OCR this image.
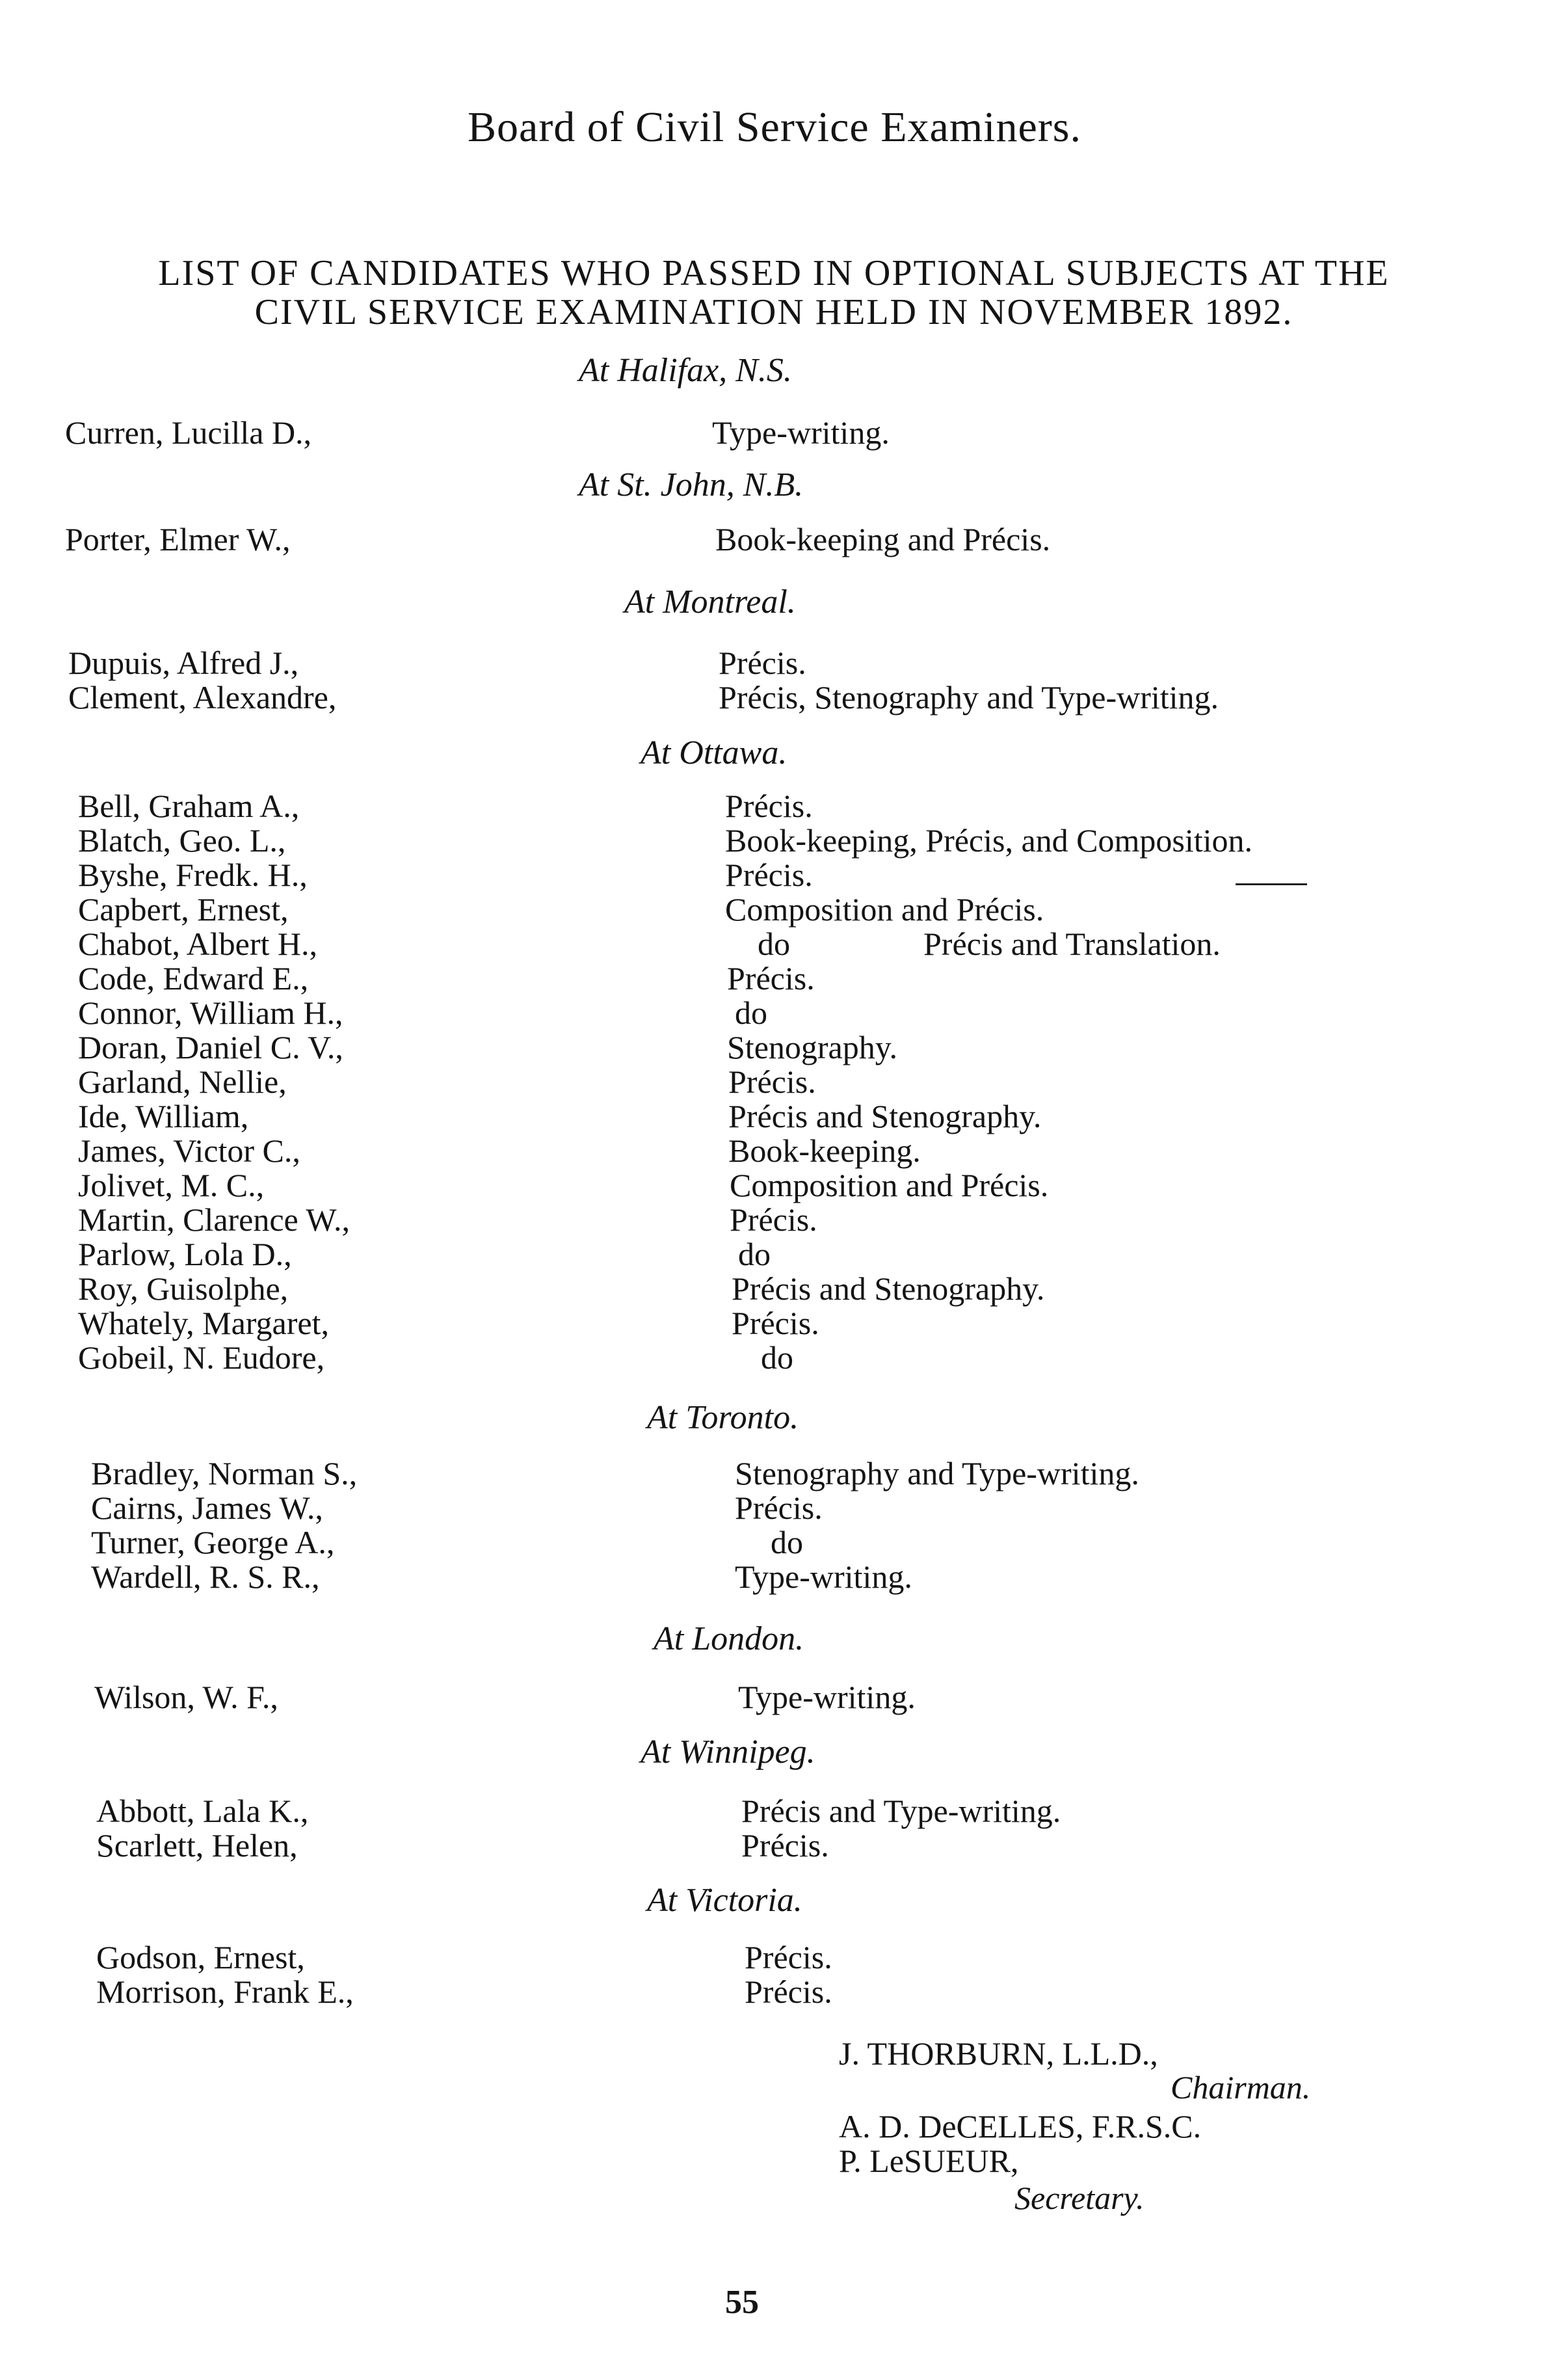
Board of Civil Service Examiners.
LIST OF CANDIDATES WHO PASSED IN OPTIONAL SUBJECTS AT THE
CIVIL SERVICE EXAMINATION HELD IN NOVEMBER 1892.
At Halifax, N.S.
Curren, Lucilla D.,	Type-writing.
At St. John, N.B.
Porter, Elmer W.,	Book-keeping and Précis.
At Montreal.
Dupuis, Alfred J.,	Précis.
Clement, Alexandre,	Précis, Stenography and Type-writing.
At Ottawa.
Bell, Graham A.,	Précis.
Blatch, Geo. L.,	Book-keeping, Précis, and Composition.
Byshe, Fredk. H.,	Précis.
Capbert, Ernest,	Composition and Précis.
Chabot, Albert H.,	do	Précis and Translation.
Code, Edward E.,	Précis.
Connor, William H.,	do
Doran, Daniel C. V.,	Stenography.
Garland, Nellie,	Précis.
Ide, William,	Précis and Stenography.
James, Victor C.,	Book-keeping.
Jolivet, M. C.,	Composition and Précis.
Martin, Clarence W.,	Précis.
Parlow, Lola D.,	do
Roy, Guisolphe,	Précis and Stenography.
Whately, Margaret,	Précis.
Gobeil, N. Eudore,	do
At Toronto.
Bradley, Norman S.,	Stenography and Type-writing.
Cairns, James W.,	Précis.
Turner, George A.,	do
Wardell, R. S. R.,	Type-writing.
At London.
Wilson, W. F.,	Type-writing.
At Winnipeg.
Abbott, Lala K.,	Précis and Type-writing.
Scarlett, Helen,	Précis.
At Victoria.
Godson, Ernest,	Précis.
Morrison, Frank E.,	Précis.
J. THORBURN, L.L.D.,
Chairman.
A. D. DeCELLES, F.R.S.C.
P. LeSUEUR,
Secretary.
55
